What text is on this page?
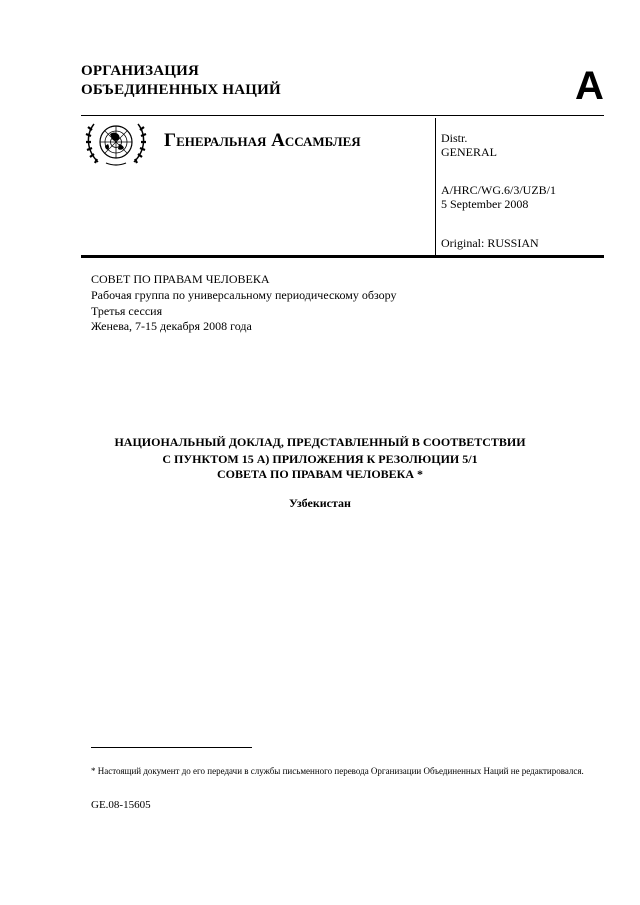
ОРГАНИЗАЦИЯ
ОБЪЕДИНЕННЫХ НАЦИЙ	A
Генеральная Ассамблея	Distr.
GENERAL
A/HRC/WG.6/3/UZB/1
5 September 2008
Original: RUSSIAN
СОВЕТ ПО ПРАВАМ ЧЕЛОВЕКА
Рабочая группа по универсальному периодическому обзору
Третья сессия
Женева, 7-15 декабря 2008 года
НАЦИОНАЛЬНЫЙ ДОКЛАД, ПРЕДСТАВЛЕННЫЙ В СООТВЕТСТВИИ
С ПУНКТОМ 15 А) ПРИЛОЖЕНИЯ К РЕЗОЛЮЦИИ 5/1
СОВЕТА ПО ПРАВАМ ЧЕЛОВЕКА *
Узбекистан
* Настоящий документ до его передачи в службы письменного перевода Организации Объединенных Наций не редактировался.
GE.08-15605
